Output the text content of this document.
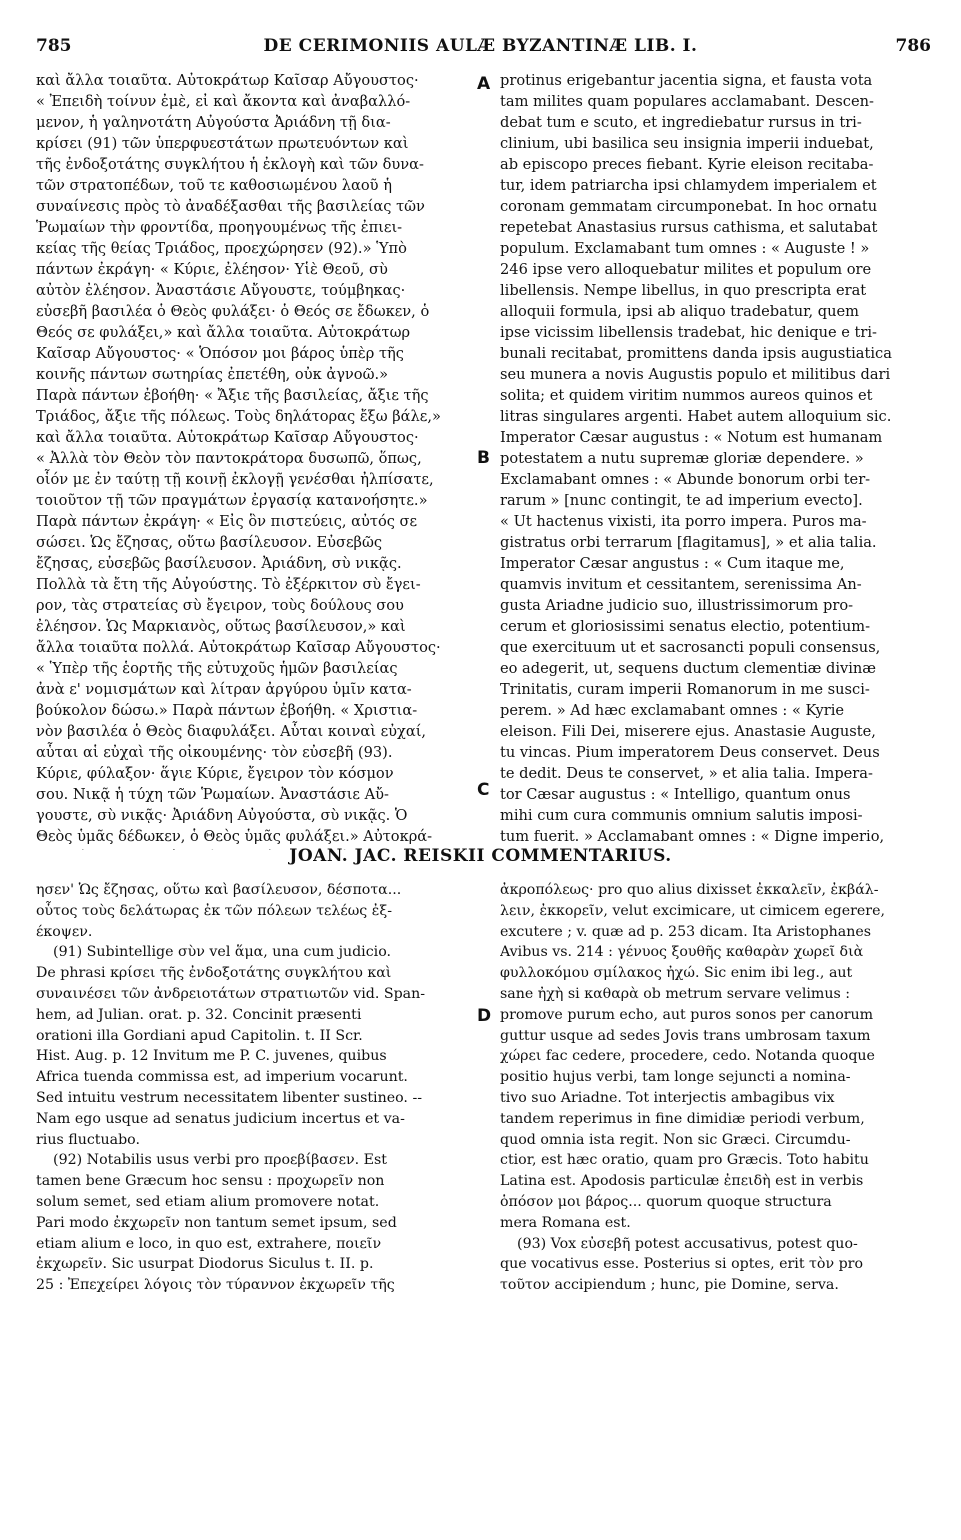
785	DE CERIMONIIS AULÆ BYZANTINÆ LIB. I.	786
καὶ ἄλλα τοιαῦτα. Αὐτοκράτωρ Καῖσαρ Αὔγουστος·
« Ἐπειδὴ τοίνυν ἐμὲ, εἰ καὶ ἄκοντα καὶ ἀναβαλλό-
μενον, ἡ γαληνοτάτη Αὐγούστα Ἀριάδνη τῇ δια-
κρίσει (91) τῶν ὑπερφυεστάτων πρωτευόντων καὶ
τῆς ἐνδοξοτάτης συγκλήτου ἡ ἐκλογὴ καὶ τῶν δυνα-
τῶν στρατοπέδων, τοῦ τε καθοσιωμένου λαοῦ ἡ
συναίνεσις πρὸς τὸ ἀναδέξασθαι τῆς βασιλείας τῶν
Ῥωμαίων τὴν φροντίδα, προηγουμένως τῆς ἐπιει-
κείας τῆς θείας Τριάδος, προεχώρησεν (92).» Ὑπὸ
πάντων ἐκράγη· « Κύριε, ἐλέησον· Υἱὲ Θεοῦ, σὺ
αὐτὸν ἐλέησον. Ἀναστάσιε Αὔγουστε, τούμβηκας·
εὐσεβῆ βασιλέα ὁ Θεὸς φυλάξει· ὁ Θεός σε ἔδωκεν, ὁ
Θεός σε φυλάξει,» καὶ ἄλλα τοιαῦτα. Αὐτοκράτωρ
Καῖσαρ Αὔγουστος· « Ὁπόσον μοι βάρος ὑπὲρ τῆς
κοινῆς πάντων σωτηρίας ἐπετέθη, οὐκ ἀγνοῶ.»
Παρὰ πάντων ἐβοήθη· « Ἄξιε τῆς βασιλείας, ἄξιε τῆς
Τριάδος, ἄξιε τῆς πόλεως. Τοὺς δηλάτορας ἔξω βάλε,»
καὶ ἄλλα τοιαῦτα. Αὐτοκράτωρ Καῖσαρ Αὔγουστος·
« Ἀλλὰ τὸν Θεὸν τὸν παντοκράτορα δυσωπῶ, ὅπως,
οἷόν με ἐν ταύτῃ τῇ κοινῇ ἐκλογῇ γενέσθαι ἠλπίσατε,
τοιοῦτον τῇ τῶν πραγμάτων ἐργασίᾳ κατανοήσητε.»
Παρὰ πάντων ἐκράγη· « Εἰς ὃν πιστεύεις, αὐτός σε
σώσει. Ὡς ἔζησας, οὕτω βασίλευσον. Εὐσεβῶς
ἔζησας, εὐσεβῶς βασίλευσον. Ἀριάδνη, σὺ νικᾷς.
Πολλὰ τὰ ἔτη τῆς Αὐγούστης. Τὸ ἐξέρκιτον σὺ ἔγει-
ρον, τὰς στρατείας σὺ ἔγειρον, τοὺς δούλους σου
ἐλέησον. Ὡς Μαρκιανὸς, οὕτως βασίλευσον,» καὶ
ἄλλα τοιαῦτα πολλά. Αὐτοκράτωρ Καῖσαρ Αὔγουστος·
« Ὑπὲρ τῆς ἑορτῆς τῆς εὐτυχοῦς ἡμῶν βασιλείας
ἀνὰ ε' νομισμάτων καὶ λίτραν ἀργύρου ὑμῖν κατα-
βούκολον δώσω.» Παρὰ πάντων ἐβοήθη. « Χριστια-
νὸν βασιλέα ὁ Θεὸς διαφυλάξει. Αὗται κοιναὶ εὐχαί,
αὗται αἱ εὐχαὶ τῆς οἰκουμένης· τὸν εὐσεβῆ (93).
Κύριε, φύλαξον· ἅγιε Κύριε, ἔγειρον τὸν κόσμον
σου. Νικᾷ ἡ τύχη τῶν Ῥωμαίων. Ἀναστάσιε Αὔ-
γουστε, σὺ νικᾷς· Ἀριάδνη Αὐγούστα, σὺ νικᾷς. Ὁ
Θεὸς ὑμᾶς δέδωκεν, ὁ Θεὸς ὑμᾶς φυλάξει.» Αὐτοκρά-
protinus erigebantur jacentia signa, et fausta vota
tam milites quam populares acclamabant. Descen-
debat tum e scuto, et ingrediebatur rursus in tri-
clinium, ubi basilica seu insignia imperii induebat,
ab episcopo preces fiebant. Kyrie eleison recitaba-
tur, idem patriarcha ipsi chlamydem imperialem et
coronam gemmatam circumponebat. In hoc ornatu
repetebat Anastasius rursus cathisma, et salutabat
populum. Exclamabant tum omnes : « Auguste ! »
246 ipse vero alloquebatur milites et populum ore
libellensis. Nempe libellus, in quo prescripta erat
alloquii formula, ipsi ab aliquo tradebatur, quem
ipse vicissim libellensis tradebat, hic denique e tri-
bunali recitabat, promittens danda ipsis augustiatica
seu munera a novis Augustis populo et militibus dari
solita; et quidem viritim nummos aureos quinos et
litras singulares argenti. Habet autem alloquium sic.
Imperator Cæsar augustus : « Notum est humanam
potestatem a nutu supremæ gloriæ dependere. »
Exclamabant omnes : « Abunde bonorum orbi ter-
rarum » [nunc contingit, te ad imperium evecto].
« Ut hactenus vixisti, ita porro impera. Puros ma-
gistratus orbi terrarum [flagitamus], » et alia talia.
Imperator Cæsar angustus : « Cum itaque me,
quamvis invitum et cessitantem, serenissima An-
gusta Ariadne judicio suo, illustrissimorum pro-
cerum et gloriosissimi senatus electio, potentium-
que exercituum ut et sacrosancti populi consensus,
eo adegerit, ut, sequens ductum clementiæ divinæ
Trinitatis, curam imperii Romanorum in me susci-
perem. » Ad hæc exclamabant omnes : « Kyrie
eleison. Fili Dei, miserere ejus. Anastasie Auguste,
tu vincas. Pium imperatorem Deus conservet. Deus
te dedit. Deus te conservet, » et alia talia. Impera-
tor Cæsar augustus : « Intelligo, quantum onus
mihi cum cura communis omnium salutis imposi-
tum fuerit. » Acclamabant omnes : « Digne imperio,
A
B
C
D
JOAN. JAC. REISKII COMMENTARIUS.
ησεν' Ὡς ἔζησας, οὕτω καὶ βασίλευσον, δέσποτα...
οὗτος τοὺς δελάτωρας ἐκ τῶν πόλεων τελέως ἐξ-
έκοψεν.
(91) Subintellige σὺν vel ἅμα, una cum judicio.
De phrasi κρίσει τῆς ἐνδοξοτάτης συγκλήτου καὶ
συναινέσει τῶν ἀνδρειοτάτων στρατιωτῶν vid. Span-
hem, ad Julian. orat. p. 32. Concinit præsenti
orationi illa Gordiani apud Capitolin. t. II Scr.
Hist. Aug. p. 12 Invitum me P. C. juvenes, quibus
Africa tuenda commissa est, ad imperium vocarunt.
Sed intuitu vestrum necessitatem libenter sustineo. --
Nam ego usque ad senatus judicium incertus et va-
rius fluctuabo.
(92) Notabilis usus verbi pro προεβίβασεν. Est
tamen bene Græcum hoc sensu : προχωρεῖν non
solum semet, sed etiam alium promovere notat.
Pari modo ἐκχωρεῖν non tantum semet ipsum, sed
etiam alium e loco, in quo est, extrahere, ποιεῖν
ἐκχωρεῖν. Sic usurpat Diodorus Siculus t. II. p.
25 : Ἐπεχείρει λόγοις τὸν τύραννον ἐκχωρεῖν τῆς
ἀκροπόλεως· pro quo alius dixisset ἐκκαλεῖν, ἐκβάλ-
λειν, ἐκκορεῖν, velut excimicare, ut cimicem egerere,
excutere ; v. quæ ad p. 253 dicam. Ita Aristophanes
Avibus vs. 214 : γένυος ξουθῆς καθαρὰν χωρεῖ διὰ
φυλλοκόμου σμίλακος ἠχώ. Sic enim ibi leg., aut
sane ἠχὴ si καθαρὰ ob metrum servare velimus :
promove purum echo, aut puros sonos per canorum
guttur usque ad sedes Jovis trans umbrosam taxum
χώρει fac cedere, procedere, cedo. Notanda quoque
positio hujus verbi, tam longe sejuncti a nomina-
tivo suo Ariadne. Tot interjectis ambagibus vix
tandem reperimus in fine dimidiæ periodi verbum,
quod omnia ista regit. Non sic Græci. Circumdu-
ctior, est hæc oratio, quam pro Græcis. Toto habitu
Latina est. Apodosis particulæ ἐπειδὴ est in verbis
ὁπόσον μοι βάρος... quorum quoque structura
mera Romana est.
(93) Vox εὐσεβῆ potest accusativus, potest quo-
que vocativus esse. Posterius si optes, erit τὸν pro
τοῦτον accipiendum ; hunc, pie Domine, serva.
